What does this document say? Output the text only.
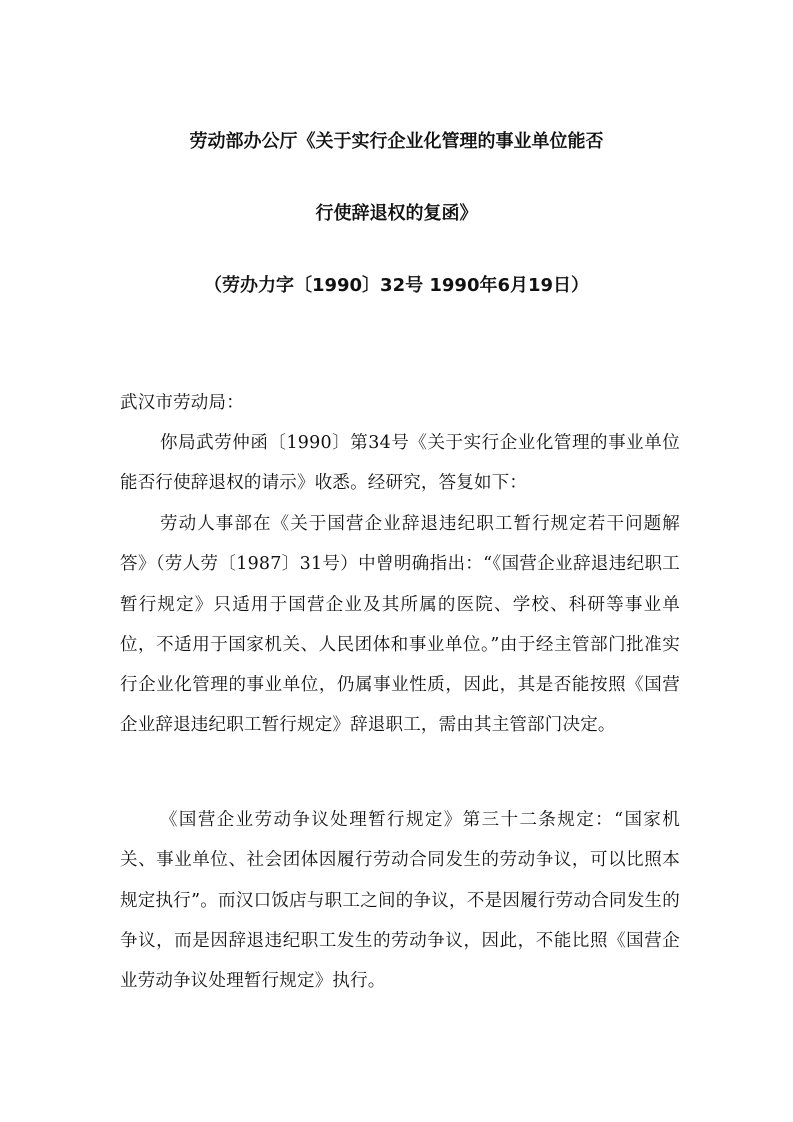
劳动部办公厅《关于实行企业化管理的事业单位能否
行使辞退权的复函》
（劳办力字〔1990〕32号 1990年6月19日）

武汉市劳动局：

你局武劳仲函〔1990〕第34号《关于实行企业化管理的事业单位能否行使辞退权的请示》收悉。经研究，答复如下：

劳动人事部在《关于国营企业辞退违纪职工暂行规定若干问题解答》（劳人劳〔1987〕31号）中曾明确指出：“《国营企业辞退违纪职工暂行规定》只适用于国营企业及其所属的医院、学校、科研等事业单位，不适用于国家机关、人民团体和事业单位。”由于经主管部门批准实行企业化管理的事业单位，仍属事业性质，因此，其是否能按照《国营企业辞退违纪职工暂行规定》辞退职工，需由其主管部门决定。

《国营企业劳动争议处理暂行规定》第三十二条规定：“国家机关、事业单位、社会团体因履行劳动合同发生的劳动争议，可以比照本规定执行”。而汉口饭店与职工之间的争议，不是因履行劳动合同发生的争议，而是因辞退违纪职工发生的劳动争议，因此，不能比照《国营企业劳动争议处理暂行规定》执行。
